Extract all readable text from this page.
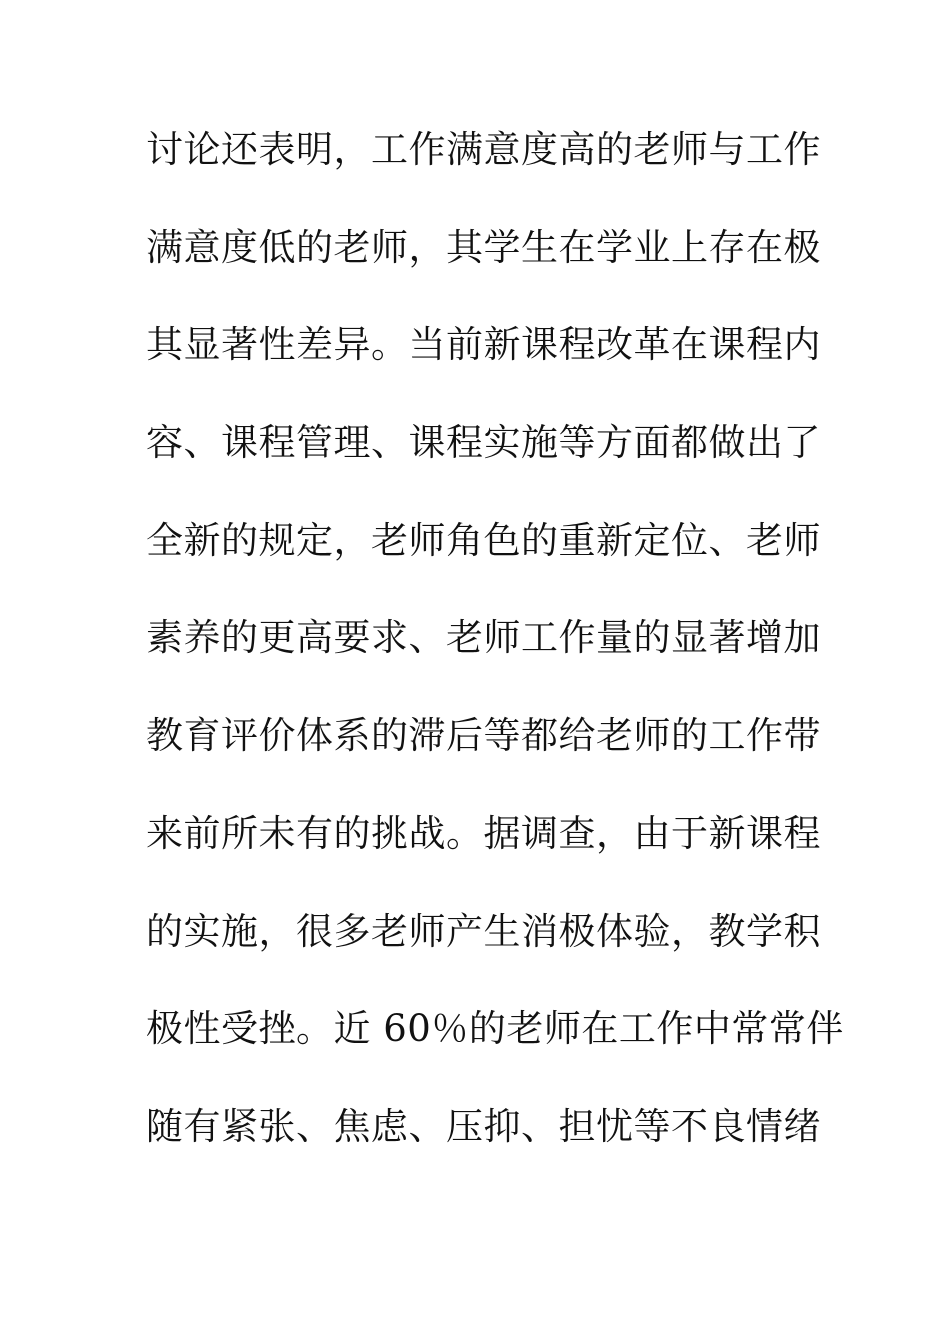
讨论还表明，工作满意度高的老师与工作
满意度低的老师，其学生在学业上存在极
其显著性差异。当前新课程改革在课程内
容、课程管理、课程实施等方面都做出了
全新的规定，老师角色的重新定位、老师
素养的更高要求、老师工作量的显著增加
教育评价体系的滞后等都给老师的工作带
来前所未有的挑战。据调查，由于新课程
的实施，很多老师产生消极体验，教学积
极性受挫。近 60％的老师在工作中常常伴
随有紧张、焦虑、压抑、担忧等不良情绪
